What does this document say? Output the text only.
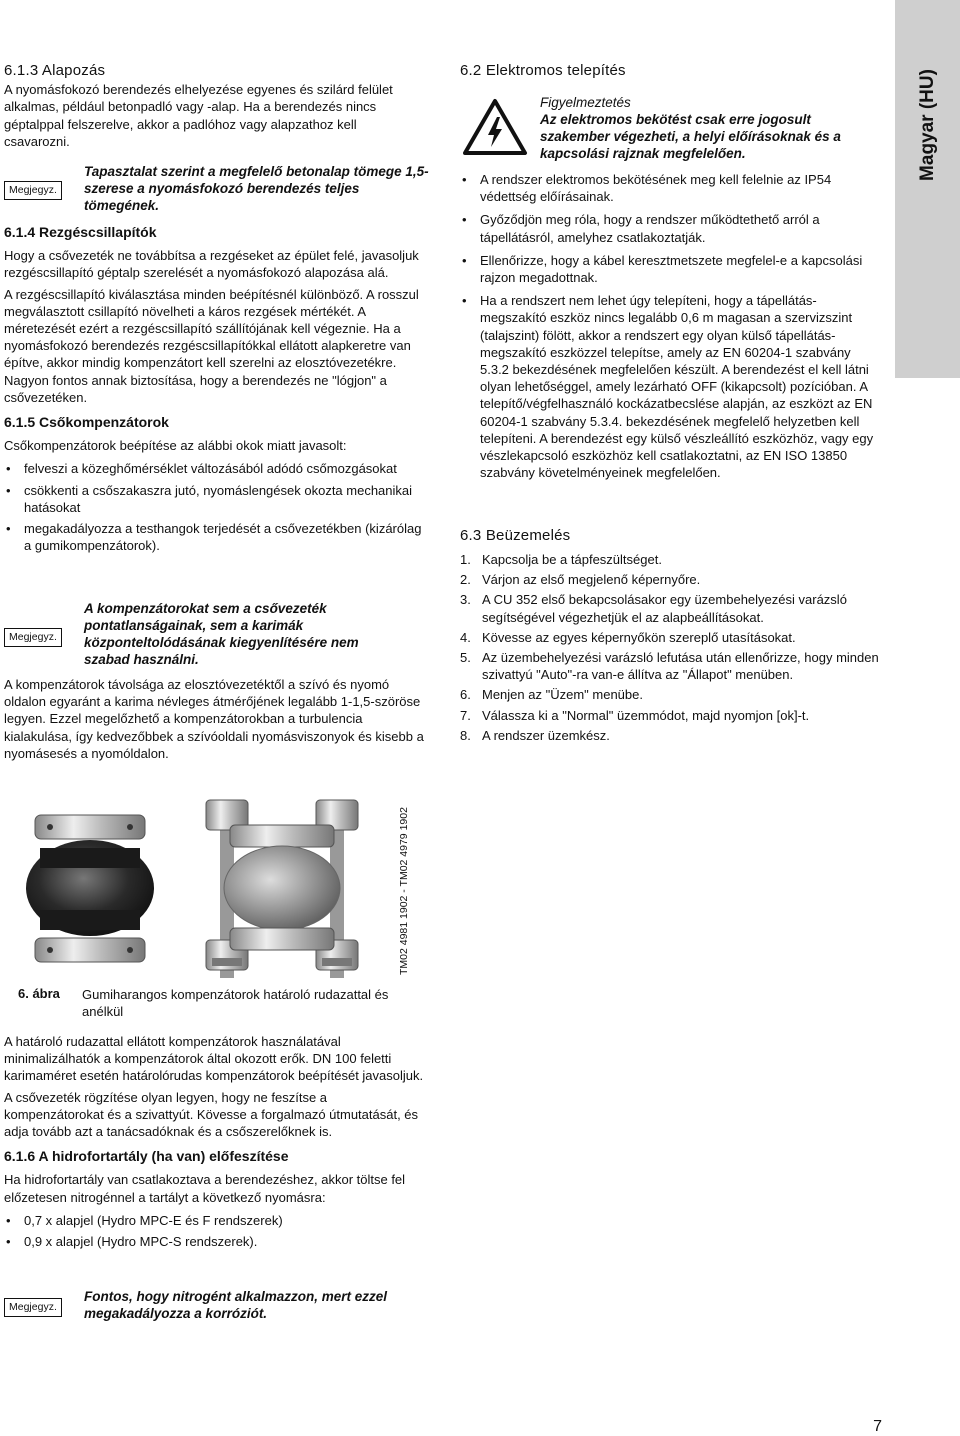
Magyar (HU)

6.1.3 Alapozás

A nyomásfokozó berendezés elhelyezése egyenes és szilárd felület alkalmas, például betonpadló vagy -alap. Ha a berendezés nincs géptalppal felszerelve, akkor a padlóhoz vagy alapzathoz kell csavarozni.

Megjegyz.
Tapasztalat szerint a megfelelő betonalap tömege 1,5-szerese a nyomásfokozó berendezés teljes tömegének.

6.1.4 Rezgéscsillapítók

Hogy a csővezeték ne továbbítsa a rezgéseket az épület felé, javasoljuk rezgéscsillapító géptalp szerelését a nyomásfokozó alapozása alá.

A rezgéscsillapító kiválasztása minden beépítésnél különböző. A rosszul megválasztott csillapító növelheti a káros rezgések mértékét. A méretezését ezért a rezgéscsillapító szállítójának kell végeznie. Ha a nyomásfokozó berendezés rezgéscsillapítókkal ellátott alapkeretre van építve, akkor mindig kompenzátort kell szerelni az elosztóvezetékre. Nagyon fontos annak biztosítása, hogy a berendezés ne "lógjon" a csővezetéken.

6.1.5 Csőkompenzátorok

Csőkompenzátorok beépítése az alábbi okok miatt javasolt:

• felveszi a közeghőmérséklet változásából adódó csőmozgásokat
• csökkenti a csőszakaszra jutó, nyomáslengések okozta mechanikai hatásokat
• megakadályozza a testhangok terjedését a csővezetékben (kizárólag a gumikompenzátorok).
Megjegyz.
A kompenzátorokat sem a csővezeték pontatlanságainak, sem a karimák központeltolódásának kiegyenlítésére nem szabad használni.
A kompenzátorok távolsága az elosztóvezetéktől a szívó és nyomó oldalon egyaránt a karima névleges átmérőjének legalább 1-1,5-szöröse legyen. Ezzel megelőzhető a kompenzátorokban a turbulencia kialakulása, így kedvezőbbek a szívóoldali nyomásviszonyok és kisebb a nyomásesés a nyomóldalon.
TM02 4981 1902 - TM02 4979 1902
6. ábra Gumiharangos kompenzátorok határoló rudazattal és anélkül

A határoló rudazattal ellátott kompenzátorok használatával minimalizálhatók a kompenzátorok által okozott erők. DN 100 feletti karimaméret esetén határolórudas kompenzátorok beépítését javasoljuk.

A csővezeték rögzítése olyan legyen, hogy ne feszítse a kompenzátorokat és a szivattyút. Kövesse a forgalmazó útmutatását, és adja tovább azt a tanácsadóknak és a csőszerelőknek is.

6.1.6 A hidrofortartály (ha van) előfeszítése

Ha hidrofortartály van csatlakoztava a berendezéshez, akkor töltse fel előzetesen nitrogénnel a tartályt a következő nyomásra:

• 0,7 x alapjel (Hydro MPC-E és F rendszerek)
• 0,9 x alapjel (Hydro MPC-S rendszerek).
Megjegyz.
Fontos, hogy nitrogént alkalmazzon, mert ezzel megakadályozza a korróziót.
6.2 Elektromos telepítés

Figyelmeztetés

Az elektromos bekötést csak erre jogosult szakember végezheti, a helyi előírásoknak és a kapcsolási rajznak megfelelően.

• A rendszer elektromos bekötésének meg kell felelnie az IP54 védettség előírásainak.
• Győződjön meg róla, hogy a rendszer működtethető arról a tápellátásról, amelyhez csatlakoztatják.
• Ellenőrizze, hogy a kábel keresztmetszete megfelel-e a kapcsolási rajzon megadottnak.
• Ha a rendszert nem lehet úgy telepíteni, hogy a tápellátás-megszakító eszköz nincs legalább 0,6 m magasan a szervizszint (talajszint) fölött, akkor a rendszert egy olyan külső tápellátás-megszakító eszközzel telepítse, amely az EN 60204-1 szabvány 5.3.2 bekezdésének megfelelően készült. A berendezést el kell látni olyan lehetőséggel, amely lezárható OFF (kikapcsolt) pozícióban. A telepítő/végfelhasználó kockázatbecslése alapján, az eszközt az EN 60204-1 szabvány 5.3.4. bekezdésének megfelelő helyzetben kell telepíteni. A berendezést egy külső vészleállító eszközhöz, vagy egy vészlekapcsoló eszközhöz kell csatlakoztatni, az EN ISO 13850 szabvány követelményeinek megfelelően.
6.3 Beüzemelés
1. Kapcsolja be a tápfeszültséget.
2. Várjon az első megjelenő képernyőre.
3. A CU 352 első bekapcsolásakor egy üzembehelyezési varázsló segítségével végezhetjük el az alapbeállításokat.
4. Kövesse az egyes képernyőkön szereplő utasításokat.
5. Az üzembehelyezési varázsló lefutása után ellenőrizze, hogy minden szivattyú "Auto"-ra van-e állítva az "Állapot" menüben.
6. Menjen az "Üzem" menübe.
7. Válassza ki a "Normal" üzemmódot, majd nyomjon [ok]-t.
8. A rendszer üzemkész.
7
